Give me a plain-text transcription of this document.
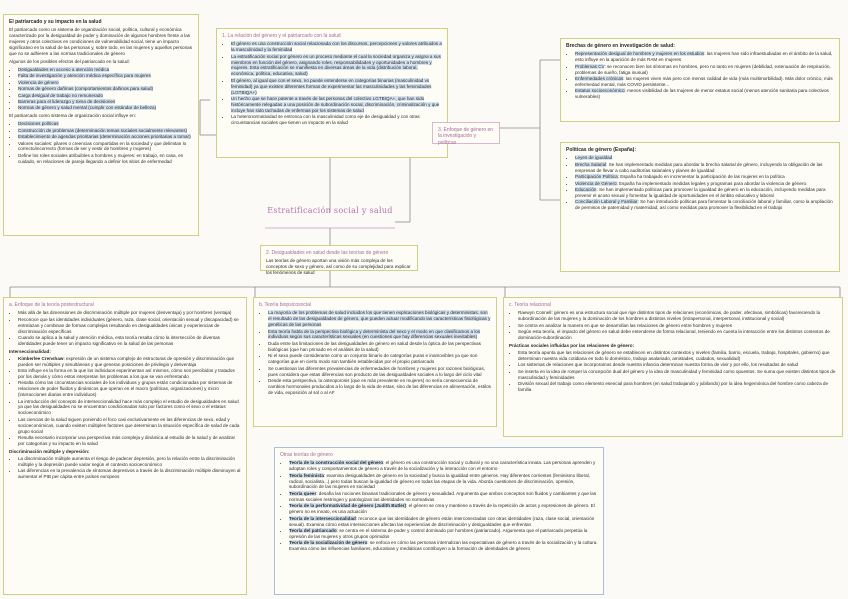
El patriarcado y su impacto en la salud

El patriarcado como un sistema de organización social, política, cultural y económica caracterizado por la desigualdad de poder y dominación de algunos hombres frente a las mujeres y otros colectivos en condiciones de vulnerabilidad social, tiene un impacto significativo en la salud de las personas y, sobre todo, en las mujeres y aquellos personas que no se adhieren a las normas tradicionales de género

Algunos de los posibles efectos del patriarcado en la salud:

• Desigualdades en acceso a atención médica
• Falta de investigación y atención médica específica para mujeres
• Violencia de género
• Normas de género dañinas (comportamientos dañinos para salud)
• Carga desigual de trabajo no remunerado
• Barreras para el liderazgo y toma de decisiones
• Normas de género y salud mental (cumplir con estándar de belleza)

El patriarcado como sistema de organización social influye en:

• Decisiones políticas
• Construcción de problemas (determinación temas sociales socialmente relevantes)
• Establecimiento de agendas prioritarias (determinación acciones prioritarias a tomar)
• Valores sociales: pilares o creencias compartidas en la sociedad y que delimitan lo correcto/incorrecto (formas de ser y vestir de hombres y mujeres)
• Define los roles sociales atribuibles a hombres y mujeres: en trabajo, en casa, en cuidado, en relaciones de pareja llegando a definir los sitios de enfermedad
1. La relación del género y el patriarcado con la salud
• El género es una construcción social relacionada con los discursos, percepciones y valores atribuidos a la masculinidad y la feminidad
• La estratificación social por género es un proceso mediante el cual la sociedad organiza y asigna a sus miembros en función del género, asignando roles, responsabilidades y oportunidades a hombres y mujeres. Esta estratificación se manifiesta en diversas áreas de la vida (distribución laboral, económica, política, educativa, salud)
• El género, al igual que con el sexo, no puede entenderse en categorías binarias (masculinidad vs feminidad) ya que existen diferentes formas de experimentar las masculinidades y las feminidades (LGTBIQA+)
• Un hecho que se hace patente a través de las personas del colectivo LGTBIQA+, que han sido históricamente relegadas a una posición de subordinación social, discriminación, criminalización y que incluye han sido tachadas de enfermas por los sistemas de salud
• La heteronormatividad se entronca con la masculinidad como eje de desigualdad y con otras circunstancias sociales que tienen un impacto en la salud
Estratificación social y salud
2. Desigualdades en salud desde las teorías de género

Las teorías de género aportan una visión más compleja de los conceptos de sexo y género, así como de su complejidad para explicar los fenómenos de salud

3. Enfoque de género en la investigación y políticas
Brechas de género en investigación de salud:
• Representación desigual de hombres y mujeres en los estudios: las mujeres han sido infraestudiadas en el ámbito de la salud, esto influye en la aparición de más RAM en mujeres
• Problemas CV: se reconocen bien los síntomas en hombres, pero no tanto en mujeres (debilidad, extenuación de respiración, problemas de sueño, fatiga inusual)
• Enfermedades crónicas: las mujeres viven más pero con menos calidad de vida (más multimorbilidad). Más dolor crónico, más enfermedad mental, más COVID persistente...
• Estatus socioeconómico: menos visibilidad de las mujeres de menor estatus social (menos atención sanitaria para colectivos vulnerables)
Políticas de género (España):
• Leyes de igualdad
• Brecha Salarial: Se han implementado medidas para abordar la brecha salarial de género, incluyendo la obligación de las empresas de llevar a cabo auditorías salariales y planes de igualdad
• Participación Política: España ha trabajado en incrementar la participación de las mujeres en la política
• Violencia de Género: España ha implementado medidas legales y programas para abordar la violencia de género.
• Educación: Se han implementado políticas para promover la igualdad de género en la educación, incluyendo medidas para prevenir el acoso sexual y fomentar la igualdad de oportunidades en el ámbito educativo y laboral
• Conciliación Laboral y Familiar: Se han introducido políticas para fomentar la conciliación laboral y familiar, como la ampliación de permisos de paternidad y maternidad, así como medidas para promover la flexibilidad en el trabajo
a. Enfoque de la teoría postestructural
• Más allá de las dimensiones de discriminación múltiple por mujeres (desventaja) y por hombres (ventaja)
• Reconoce que las identidades individuales (género, raza, clase social, orientación sexual y discapacidad) se entrelazan y combinan de formas complejas resultando en desigualdades únicas y experiencias de discriminación específicas
• Cuando se aplica a la salud y atención médica, esta teoría resalta cómo la intersección de diversas identidades puede tener un impacto significativo en la salud de las personas
Interseccionalidad:
• Kimberlee Crenshaw: expresión de un sistema complejo de estructuras de opresión y discriminación que pueden ser múltiples y simultáneas y que generan posiciones de privilegio y desventaja
• Esto influye en la forma en la que los individuos experimentan así mismos, cómo son percibidos y tratados por los demás y cómo estos interpretan los problemas a los que se van enfrentando
• Resalta cómo las circunstancias sociales de los individuos y grupos están condicionadas por sistemas de relaciones de poder fluidos y dinámicos que operan en el macro (políticas, organizaciones) y micro (interacciones diarias entre individuos)
• La introducción del concepto de interseccionalidad hace más complejo el estudio de desigualdades en salud ya que las desigualdades no se encuentran condicionadas solo por factores como el sexo o el estatus socioeconómico
• Las ciencias de la salud siguen poniendo el foco casi exclusivamente en las diferencias de sexo, edad y socioeconómicas, cuando existen múltiples factores que determinan la situación específica de salud de cada grupo social
• Resulta necesario incorporar una perspectiva más compleja y dinámica al estudio de la salud y de analizar por categorías y su impacto en la salud
Discriminación múltiple y depresión:
• La discriminación múltiple aumenta el riesgo de padecer depresión, pero la relación entre la discriminación múltiple y la depresión puede variar según el contexto socioeconómico
• Las diferencias en la prevalencia de síntomas depresivos a través de la discriminación múltiple disminuyen al aumentar el PIB per cápita entre países europeos
b. Teoría biopsicosocial
• La mayoría de los problemas de salud incluidos los que tienen explicaciones biológicas y deterministas, son el resultado de las desigualdades de género, que pueden actuar modificando las características fisiológicas y genéticas de las personas
• Esta teoría habla de la perspectiva biológica y determinista del sexo y el modo en que clasificamos a los individuos según sus características sexuales (en cuestiones que hay diferencias sexuales inevitables)
• Duda entre las limitaciones de las desigualdades de género en salud desde la óptica de las perspectivas biológicas (que han primado en el análisis de la salud)
• Ni el sexo puede considerarse como un conjunto binario de categorías puras e inamovibles ya que son categorías que en cierto modo son también establecidas por el propio patriarcado
• Se cuestionan las diferentes prevalencias de enfermedades de hombres y mujeres por razones biológicas, pues considera que estas diferencias son producto de las desigualdades sociales a lo largo del ciclo vital
• Desde esta perspectiva, la osteoporosis (que es más prevalente en mujeres) no sería consecuencia de cambios hormonales producidos a lo largo de la vida de estas, sino de las diferencias en alimentación, estilos de vida, exposición al sol o al AF
c. Teoría relacional
• Raewyn Connell: género es una estructura social que rige distintos tipos de relaciones (económicas, de poder, afectivas, simbólicas) favoreciendo la subordinación de las mujeres y la dominación de los hombres a distintos niveles (intrapersonal, interpersonal, institucional y social)
• Se centra en analizar la manera en que se desarrollan las relaciones de género entre hombres y mujeres
• Según esta teoría, el impacto del género en salud debe entenderse de forma relacional, teniendo en cuenta la interacción entre los distintos contextos de dominación-subordinación
Prácticas sociales influidas por las relaciones de género:
• Esta teoría apunta que las relaciones de género se establecen en distintos contextos y niveles (familia, barrio, escuela, trabajo, hospitales, gobierno) que determinan nuestra vida cotidiana en todo lo doméstico, trabajo asalariado, amistades, cuidados, sexualidad)
• Los sistemas de relaciones que incorporamos desde nuestra infancia determinan nuestra forma de vivir y por ello, los resultados de salud
• Se inserta en la idea de romper la concepción dual del género y la idea de masculinidad y feminidad como opuestos. Se suma que existen distintos tipos de masculinidad y feminidades
• División sexual del trabajo como elemento esencial para hombres (en salud trabajando y jubilando) por la idea hegemónica del hombre como cabeza de familia
Otras teorías de género
• Teoría de la construcción social del género: el género es una construcción social y cultural y no una característica innata. Las personas aprenden y adoptan roles y comportamientos de género a través de la socialización y la interacción con el entorno
• Teoría feminista: examina desigualdades de género en la sociedad y busca la igualdad entre géneros. Hay diferentes corrientes (feminismo liberal, radical, socialista...) pero todas buscan la igualdad de género en todas las etapas de la vida. Aborda cuestiones de discriminación, opresión, subordinación de las mujeres en sociedad
• Teoría queer: desafía las nociones binarias tradicionales de género y sexualidad. Argumenta que ambos conceptos son fluidos y cambiantes y que las normas sociales restringen y patologizan las identidades no normativas
• Teoría de la performatividad de género (Judith Butler): el género se crea y mantiene a través de la repetición de actos y expresiones de género. El género no es innato, es una actuación
• Teoría de la interseccionalidad: reconoce que las identidades de género están interconectadas con otras identidades (raza, clase social, orientación sexual). Examina cómo estas intersecciones afectan las experiencias de discriminación y desigualdades que enfrentan
• Teoría del patriarcado: se centra en el sistema de poder y control dominado por hombres (patriarcado). Argumenta que el patriarcado perpetúa la opresión de las mujeres y otros grupos oprimidos
• Teoría de la socialización de género: se enfoca en cómo las personas internalizan las expectativas de género a través de la socialización y la cultura. Examina cómo las influencias familiares, educativas y mediáticas contribuyen a la formación de identidades de género
